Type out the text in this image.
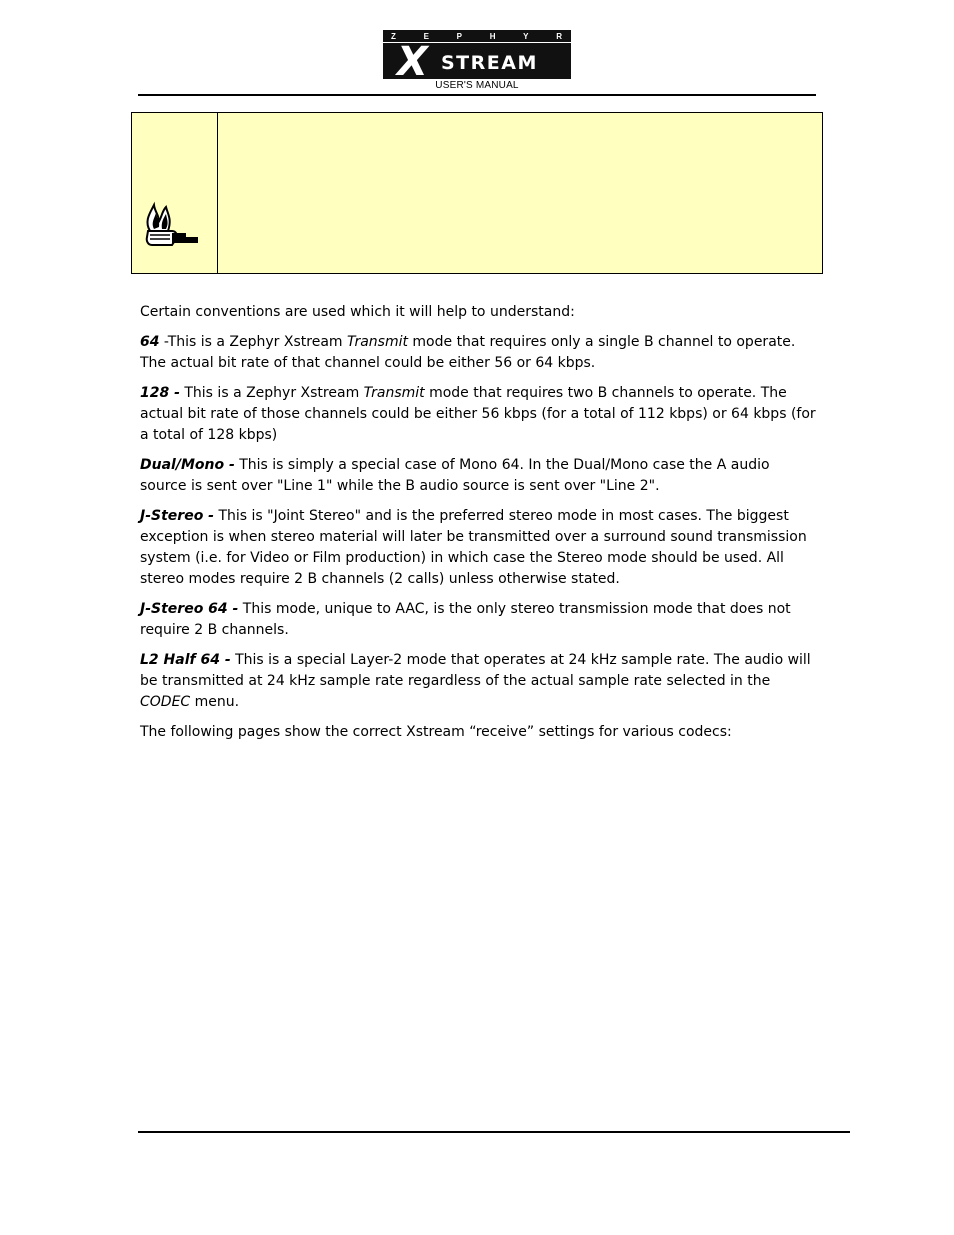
Z	E	P	H	Y	R
X STREAM
USER'S MANUAL

Certain conventions are used which it will help to understand:

64 -This is a Zephyr Xstream Transmit mode that requires only a single B channel to operate. The actual bit rate of that channel could be either 56 or 64 kbps.

128 - This is a Zephyr Xstream Transmit mode that requires two B channels to operate. The actual bit rate of those channels could be either 56 kbps (for a total of 112 kbps) or 64 kbps (for a total of 128 kbps)

Dual/Mono - This is simply a special case of Mono 64. In the Dual/Mono case the A audio source is sent over "Line 1" while the B audio source is sent over "Line 2".

J-Stereo - This is "Joint Stereo" and is the preferred stereo mode in most cases. The biggest exception is when stereo material will later be transmitted over a surround sound transmission system (i.e. for Video or Film production) in which case the Stereo mode should be used. All stereo modes require 2 B channels (2 calls) unless otherwise stated.

J-Stereo 64 - This mode, unique to AAC, is the only stereo transmission mode that does not require 2 B channels.

L2 Half 64 - This is a special Layer-2 mode that operates at 24 kHz sample rate. The audio will be transmitted at 24 kHz sample rate regardless of the actual sample rate selected in the CODEC menu.

The following pages show the correct Xstream “receive” settings for various codecs:
